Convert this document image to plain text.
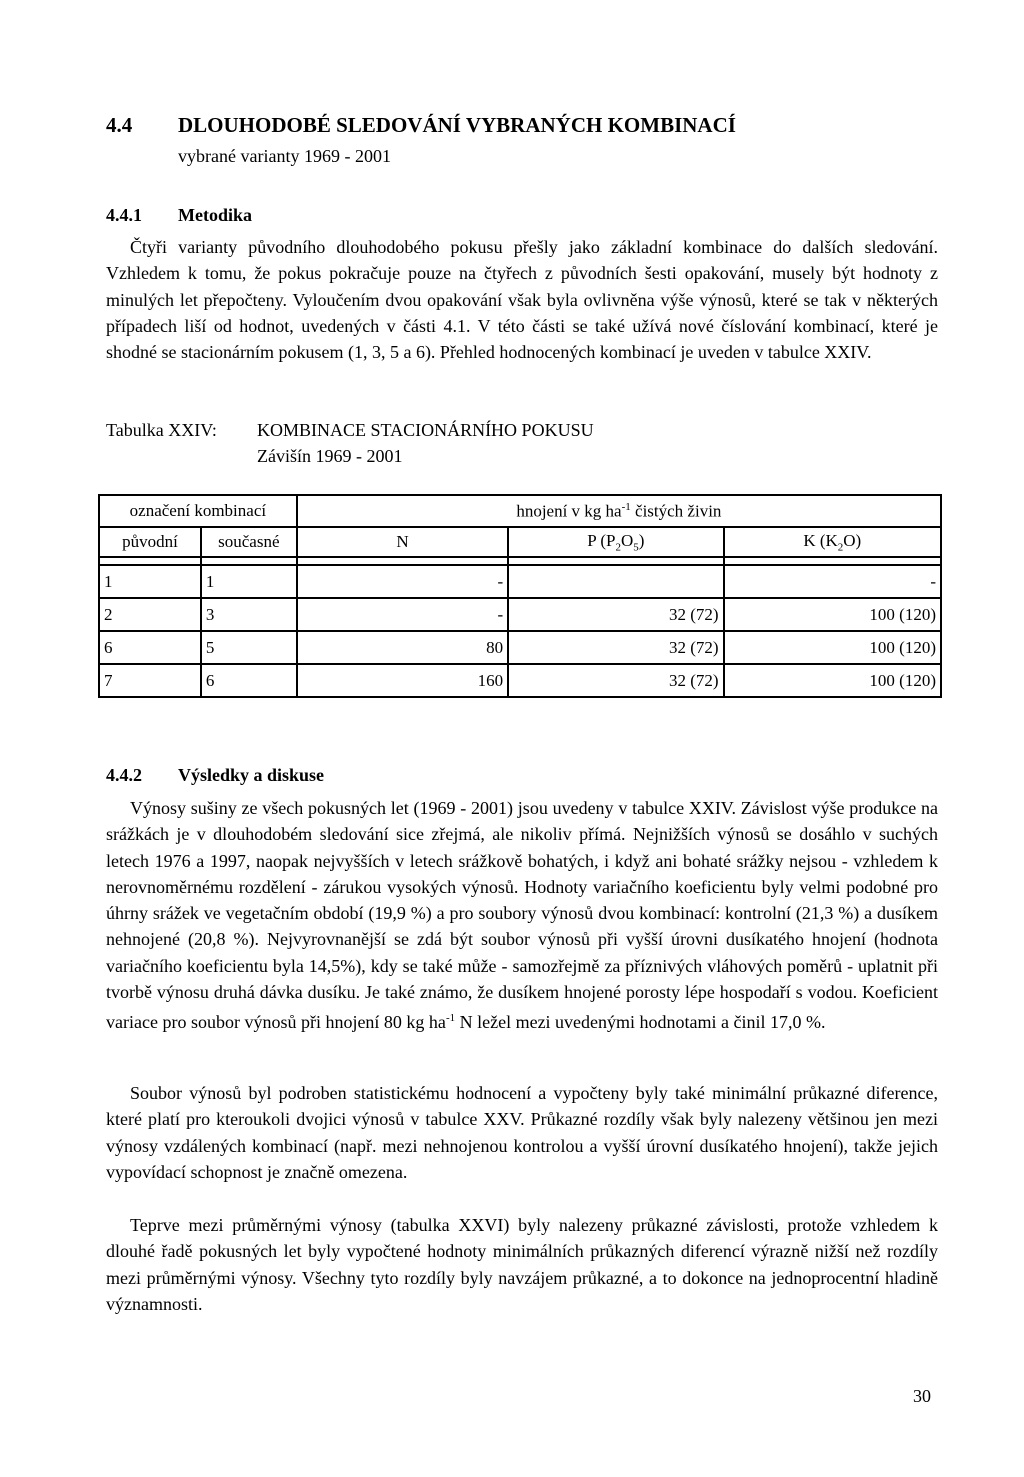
4.4 DLOUHODOBÉ SLEDOVÁNÍ VYBRANÝCH KOMBINACÍ
vybrané varianty 1969 - 2001
4.4.1 Metodika

Čtyři varianty původního dlouhodobého pokusu přešly jako základní kombinace do dalších sledování. Vzhledem k tomu, že pokus pokračuje pouze na čtyřech z původních šesti opakování, musely být hodnoty z minulých let přepočteny. Vyloučením dvou opakování však byla ovlivněna výše výnosů, které se tak v některých případech liší od hodnot, uvedených v části 4.1. V této části se také užívá nové číslování kombinací, které je shodné se stacionárním pokusem (1, 3, 5 a 6). Přehled hodnocených kombinací je uveden v tabulce XXIV.

Tabulka XXIV: KOMBINACE STACIONÁRNÍHO POKUSU
Závišín 1969 - 2001
označení kombinací		hnojení v kg $ha^{-1}$ čistých živin		
původní	současné	N	P $(P_2O_5)$	K $(K_2O)$

1	1	-		-
2	3	-	32 (72)	100 (120)
6	5	80	32 (72)	100 (120)
7	6	160	32 (72)	100 (120)
4.4.2 Výsledky a diskuse

Výnosy sušiny ze všech pokusných let (1969 - 2001) jsou uvedeny v tabulce XXIV. Závislost výše produkce na srážkách je v dlouhodobém sledování sice zřejmá, ale nikoliv přímá. Nejnižších výnosů se dosáhlo v suchých letech 1976 a 1997, naopak nejvyšších v letech srážkově bohatých, i když ani bohaté srážky nejsou - vzhledem k nerovnoměrnému rozdělení - zárukou vysokých výnosů. Hodnoty variačního koeficientu byly velmi podobné pro úhrny srážek ve vegetačním období (19,9 %) a pro soubory výnosů dvou kombinací: kontrolní (21,3 %) a dusíkem nehnojené (20,8 %). Nejvyrovnanější se zdá být soubor výnosů při vyšší úrovni dusíkatého hnojení (hodnota variačního koeficientu byla 14,5%), kdy se také může - samozřejmě za příznivých vláhových poměrů - uplatnit při tvorbě výnosu druhá dávka dusíku. Je také známo, že dusíkem hnojené porosty lépe hospodaří s vodou. Koeficient variace pro soubor výnosů při hnojení 80 kg $ha^{-1}$ N ležel mezi uvedenými hodnotami a činil 17,0 %.

Soubor výnosů byl podroben statistickému hodnocení a vypočteny byly také minimální průkazné diference, které platí pro kteroukoli dvojici výnosů v tabulce XXV. Průkazné rozdíly však byly nalezeny většinou jen mezi výnosy vzdálených kombinací (např. mezi nehnojenou kontrolou a vyšší úrovní dusíkatého hnojení), takže jejich vypovídací schopnost je značně omezena.

Teprve mezi průměrnými výnosy (tabulka XXVI) byly nalezeny průkazné závislosti, protože vzhledem k dlouhé řadě pokusných let byly vypočtené hodnoty minimálních průkazných diferencí výrazně nižší než rozdíly mezi průměrnými výnosy. Všechny tyto rozdíly byly navzájem průkazné, a to dokonce na jednoprocentní hladině významnosti.

30
